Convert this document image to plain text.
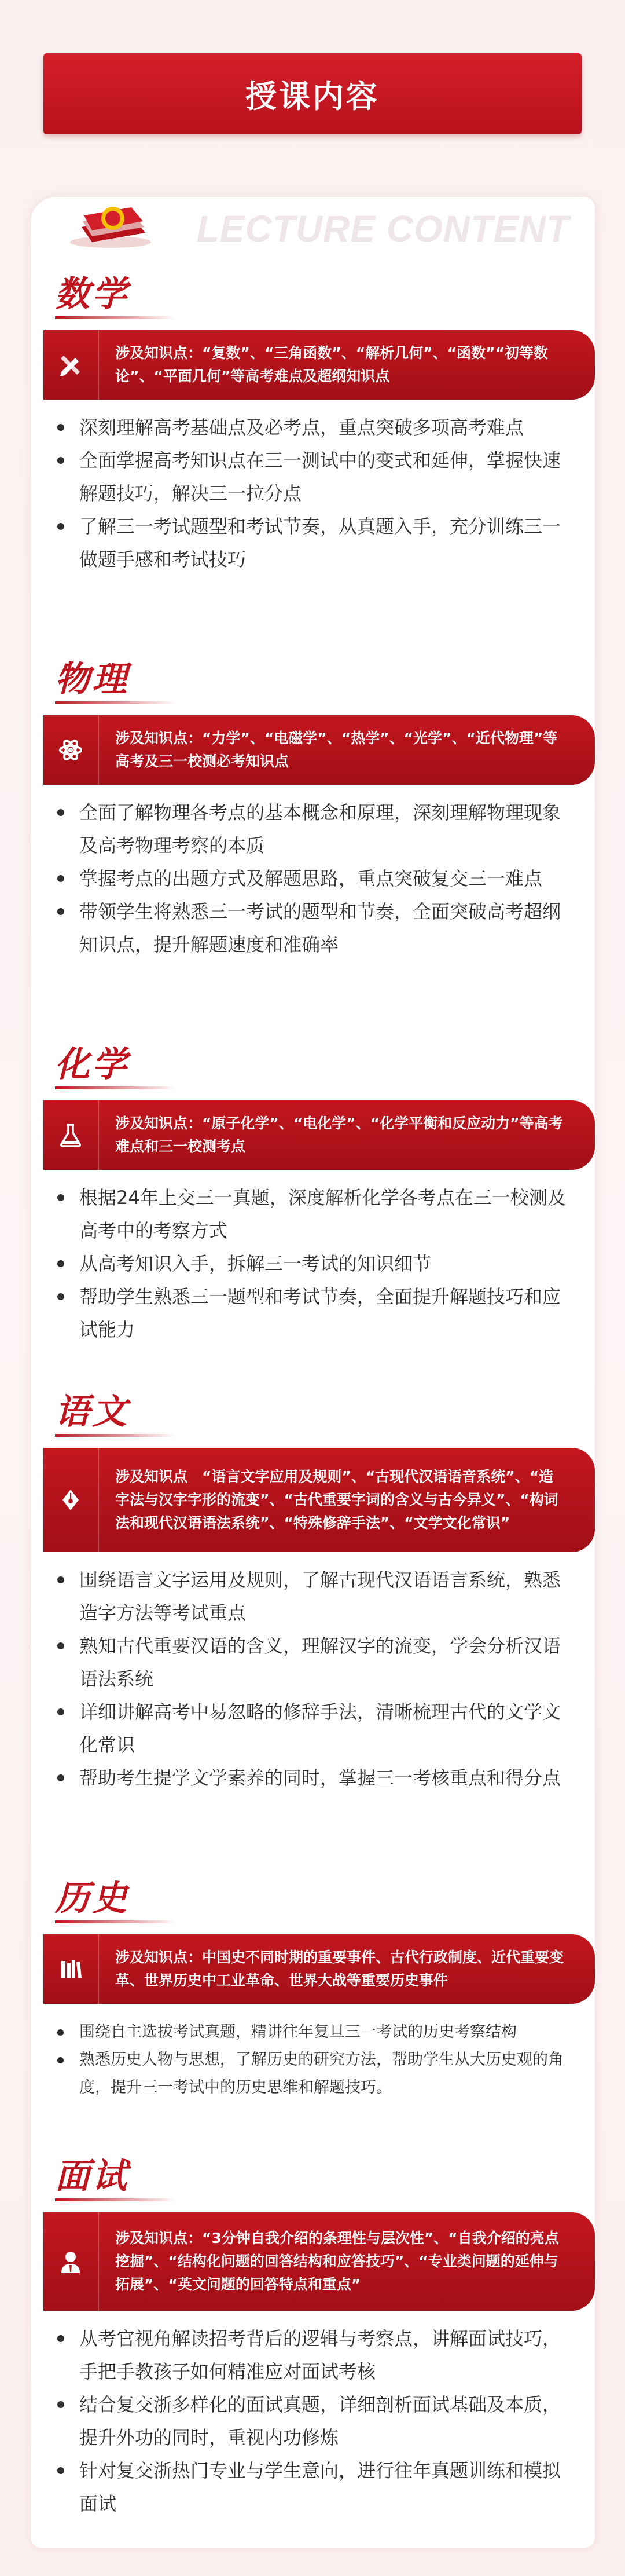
授课内容
LECTURE CONTENT
数学
涉及知识点：“复数”、“三角函数”、“解析几何”、“函数”“初等数论”、“平面几何”等高考难点及超纲知识点
深刻理解高考基础点及必考点，重点突破多项高考难点
全面掌握高考知识点在三一测试中的变式和延伸，掌握快速解题技巧，解决三一拉分点
了解三一考试题型和考试节奏，从真题入手，充分训练三一做题手感和考试技巧
物理
涉及知识点：“力学”、“电磁学”、“热学”、“光学”、“近代物理”等高考及三一校测必考知识点
全面了解物理各考点的基本概念和原理，深刻理解物理现象及高考物理考察的本质
掌握考点的出题方式及解题思路，重点突破复交三一难点
带领学生将熟悉三一考试的题型和节奏，全面突破高考超纲知识点，提升解题速度和准确率
化学
涉及知识点：“原子化学”、“电化学”、“化学平衡和反应动力”等高考难点和三一校测考点
根据24年上交三一真题，深度解析化学各考点在三一校测及高考中的考察方式
从高考知识入手，拆解三一考试的知识细节
帮助学生熟悉三一题型和考试节奏，全面提升解题技巧和应试能力
语文
涉及知识点　“语言文字应用及规则”、“古现代汉语语音系统”、“造字法与汉字字形的流变”、“古代重要字词的含义与古今异义”、“构词法和现代汉语语法系统”、“特殊修辞手法”、“文学文化常识”
围绕语言文字运用及规则，了解古现代汉语语言系统，熟悉造字方法等考试重点
熟知古代重要汉语的含义，理解汉字的流变，学会分析汉语语法系统
详细讲解高考中易忽略的修辞手法，清晰梳理古代的文学文化常识
帮助考生提学文学素养的同时，掌握三一考核重点和得分点
历史
涉及知识点：中国史不同时期的重要事件、古代行政制度、近代重要变革、世界历史中工业革命、世界大战等重要历史事件
围绕自主选拔考试真题，精讲往年复旦三一考试的历史考察结构
熟悉历史人物与思想，了解历史的研究方法，帮助学生从大历史观的角度，提升三一考试中的历史思维和解题技巧。
面试
涉及知识点：“3分钟自我介绍的条理性与层次性”、“自我介绍的亮点挖掘”、“结构化问题的回答结构和应答技巧”、“专业类问题的延伸与拓展”、“英文问题的回答特点和重点”
从考官视角解读招考背后的逻辑与考察点，讲解面试技巧，手把手教孩子如何精准应对面试考核
结合复交浙多样化的面试真题，详细剖析面试基础及本质，提升外功的同时，重视内功修炼
针对复交浙热门专业与学生意向，进行往年真题训练和模拟面试
